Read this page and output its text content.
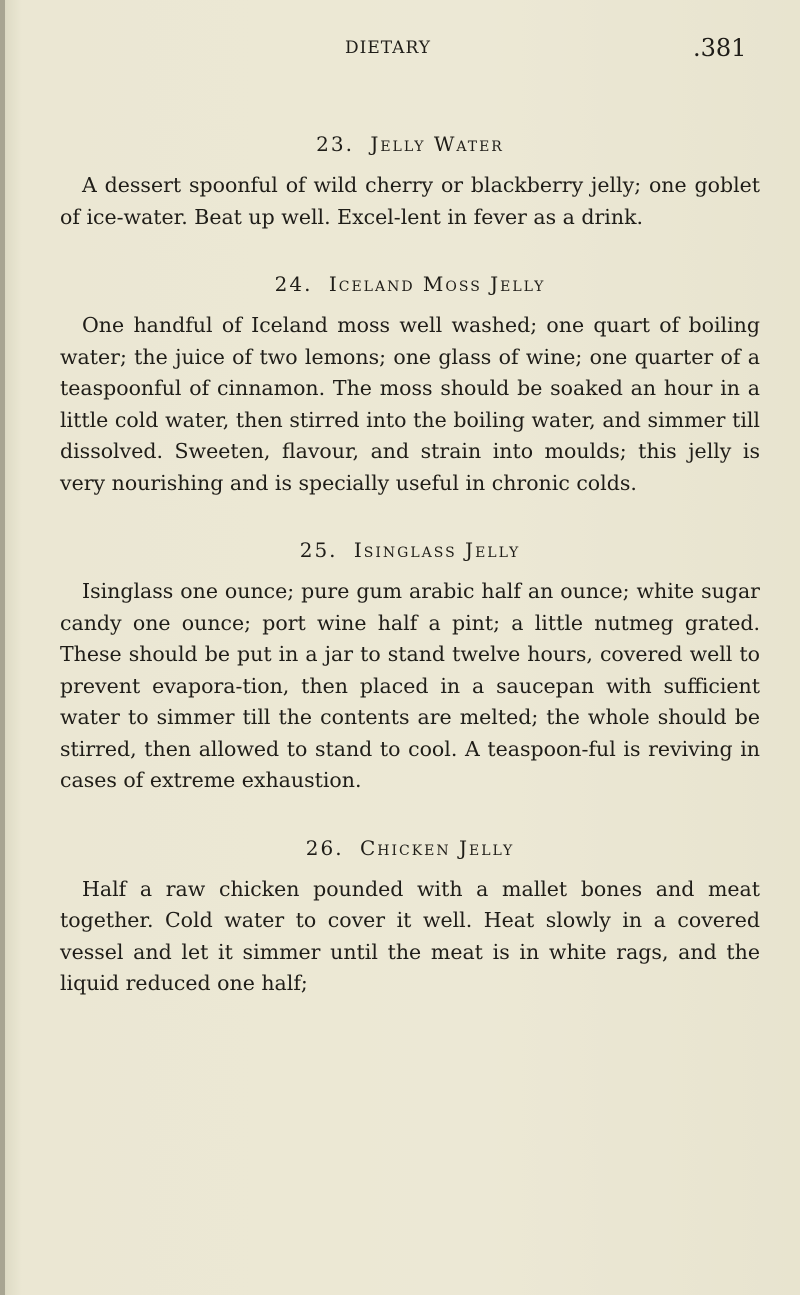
DIETARY	.381
23. Jelly Water

A dessert spoonful of wild cherry or blackberry jelly; one goblet of ice-water. Beat up well. Excel-lent in fever as a drink.

24. Iceland Moss Jelly

One handful of Iceland moss well washed; one quart of boiling water; the juice of two lemons; one glass of wine; one quarter of a teaspoonful of cinnamon. The moss should be soaked an hour in a little cold water, then stirred into the boiling water, and simmer till dissolved. Sweeten, flavour, and strain into moulds; this jelly is very nourishing and is specially useful in chronic colds.

25. Isinglass Jelly

Isinglass one ounce; pure gum arabic half an ounce; white sugar candy one ounce; port wine half a pint; a little nutmeg grated. These should be put in a jar to stand twelve hours, covered well to prevent evapora-tion, then placed in a saucepan with sufficient water to simmer till the contents are melted; the whole should be stirred, then allowed to stand to cool. A teaspoon-ful is reviving in cases of extreme exhaustion.

26. Chicken Jelly

Half a raw chicken pounded with a mallet bones and meat together. Cold water to cover it well. Heat slowly in a covered vessel and let it simmer until the meat is in white rags, and the liquid reduced one half;
